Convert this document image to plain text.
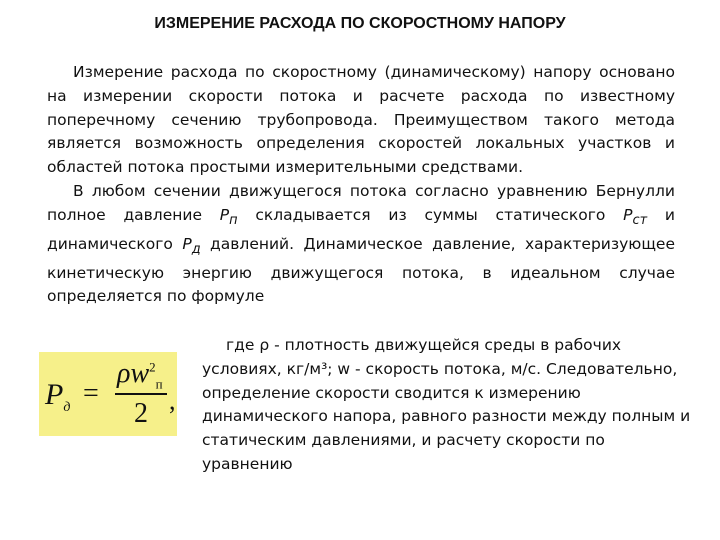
ИЗМЕРЕНИЕ РАСХОДА ПО СКОРОСТНОМУ НАПОРУ

Измерение расхода по скоростному (динамическому) напору основано на измерении скорости потока и расчете расхода по известному поперечному сечению трубопровода. Преимуществом такого метода является возможность определения скоростей локальных участков и областей потока простыми измерительными средствами.

В любом сечении движущегося потока согласно уравнению Бернулли полное давление $P_п$ складывается из суммы статического $P_{ст}$ и динамического $P_д$ давлений. Динамическое давление, характеризующее кинетическую энергию движущегося потока, в идеальном случае определяется по формуле

$P_д$ =
$\rho w^2_п$
2 ,

где ρ - плотность движущейся среды в рабочих условиях, кг/м³; w - скорость потока, м/с. Следовательно, определение скорости сводится к измерению динамического напора, равного разности между полным и статическим давлениями, и расчету скорости по уравнению
